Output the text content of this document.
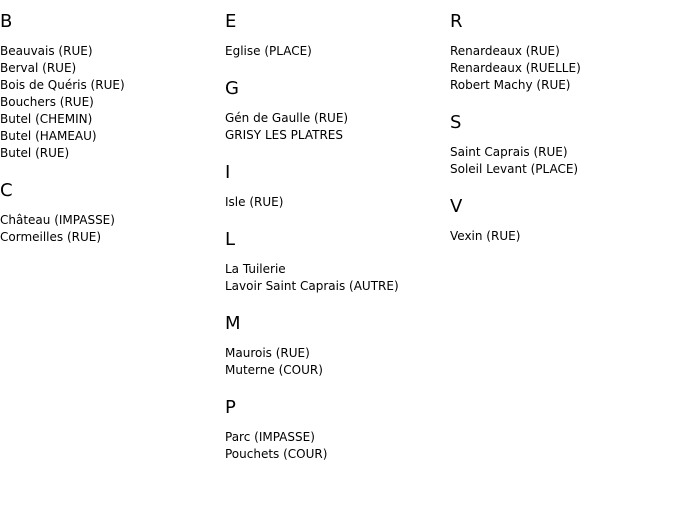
B
Beauvais (RUE)
Berval (RUE)
Bois de Quéris (RUE)
Bouchers (RUE)
Butel (CHEMIN)
Butel (HAMEAU)
Butel (RUE)
C
Château (IMPASSE)
Cormeilles (RUE)
E
Eglise (PLACE)
G
Gén de Gaulle (RUE)
GRISY LES PLATRES
I
Isle (RUE)
L
La Tuilerie
Lavoir Saint Caprais (AUTRE)
M
Maurois (RUE)
Muterne (COUR)
P
Parc (IMPASSE)
Pouchets (COUR)
R
Renardeaux (RUE)
Renardeaux (RUELLE)
Robert Machy (RUE)
S
Saint Caprais (RUE)
Soleil Levant (PLACE)
V
Vexin (RUE)
